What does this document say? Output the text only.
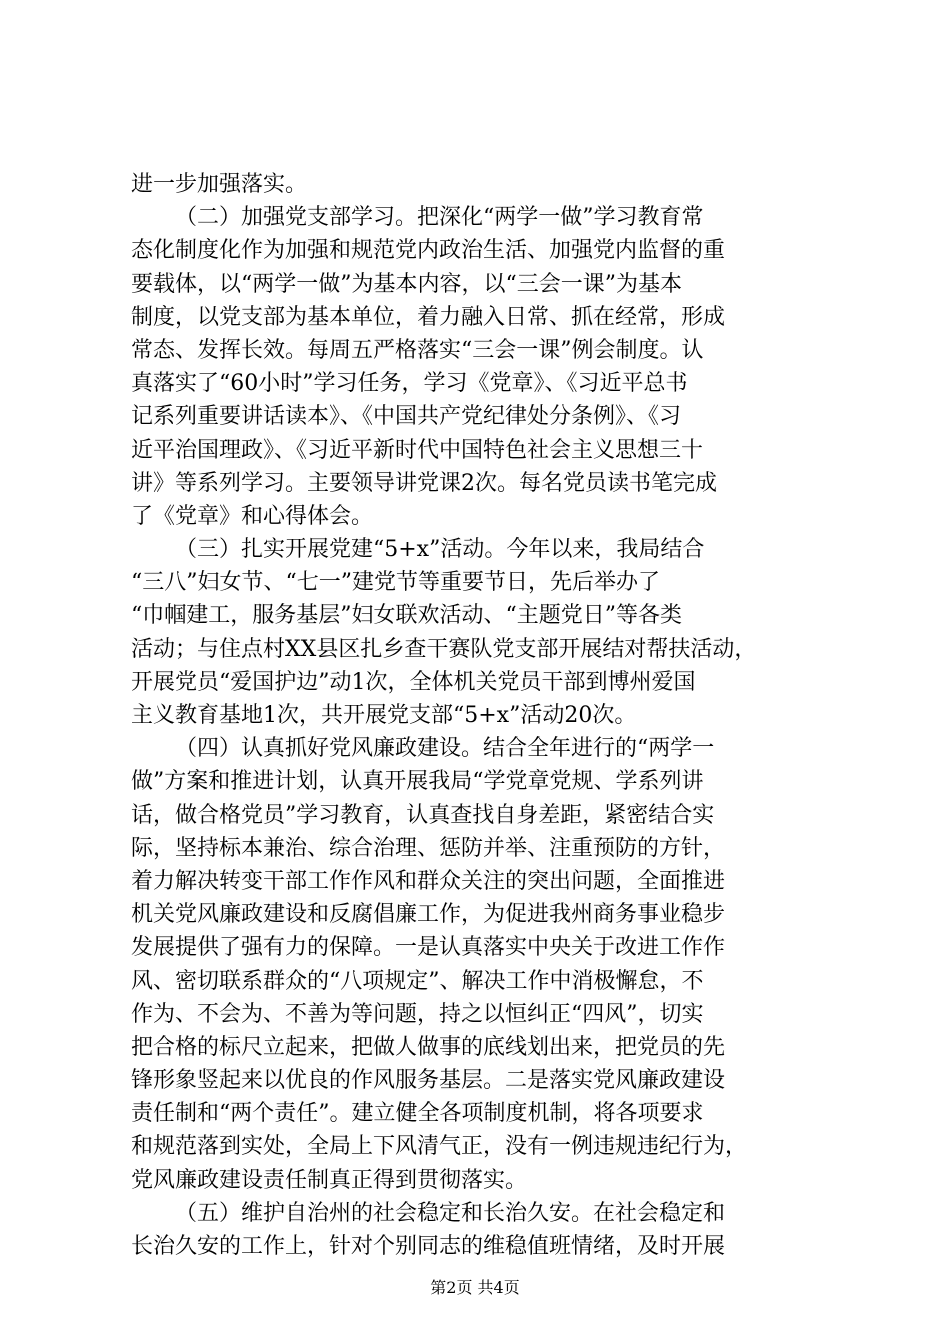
进一步加强落实。
（二）加强党支部学习。把深化“两学一做”学习教育常
态化制度化作为加强和规范党内政治生活、加强党内监督的重
要载体，以“两学一做”为基本内容，以“三会一课”为基本
制度，以党支部为基本单位，着力融入日常、抓在经常，形成
常态、发挥长效。每周五严格落实“三会一课”例会制度。认
真落实了“60小时”学习任务，学习《党章》、《习近平总书
记系列重要讲话读本》、《中国共产党纪律处分条例》、《习
近平治国理政》、《习近平新时代中国特色社会主义思想三十
讲》等系列学习。主要领导讲党课2次。每名党员读书笔完成
了《党章》和心得体会。
（三）扎实开展党建“5+x”活动。今年以来，我局结合
“三八”妇女节、“七一”建党节等重要节日，先后举办了
“巾帼建工，服务基层”妇女联欢活动、“主题党日”等各类
活动；与住点村XX县区扎乡查干赛队党支部开展结对帮扶活动，
开展党员“爱国护边”动1次，全体机关党员干部到博州爱国
主义教育基地1次，共开展党支部“5+x”活动20次。
（四）认真抓好党风廉政建设。结合全年进行的“两学一
做”方案和推进计划，认真开展我局“学党章党规、学系列讲
话，做合格党员”学习教育，认真查找自身差距，紧密结合实
际，坚持标本兼治、综合治理、惩防并举、注重预防的方针，
着力解决转变干部工作作风和群众关注的突出问题，全面推进
机关党风廉政建设和反腐倡廉工作，为促进我州商务事业稳步
发展提供了强有力的保障。一是认真落实中央关于改进工作作
风、密切联系群众的“八项规定”、解决工作中消极懈怠，不
作为、不会为、不善为等问题，持之以恒纠正“四风”，切实
把合格的标尺立起来，把做人做事的底线划出来，把党员的先
锋形象竖起来以优良的作风服务基层。二是落实党风廉政建设
责任制和“两个责任”。建立健全各项制度机制，将各项要求
和规范落到实处，全局上下风清气正，没有一例违规违纪行为，
党风廉政建设责任制真正得到贯彻落实。
（五）维护自治州的社会稳定和长治久安。在社会稳定和
长治久安的工作上，针对个别同志的维稳值班情绪，及时开展
第2页 共4页
